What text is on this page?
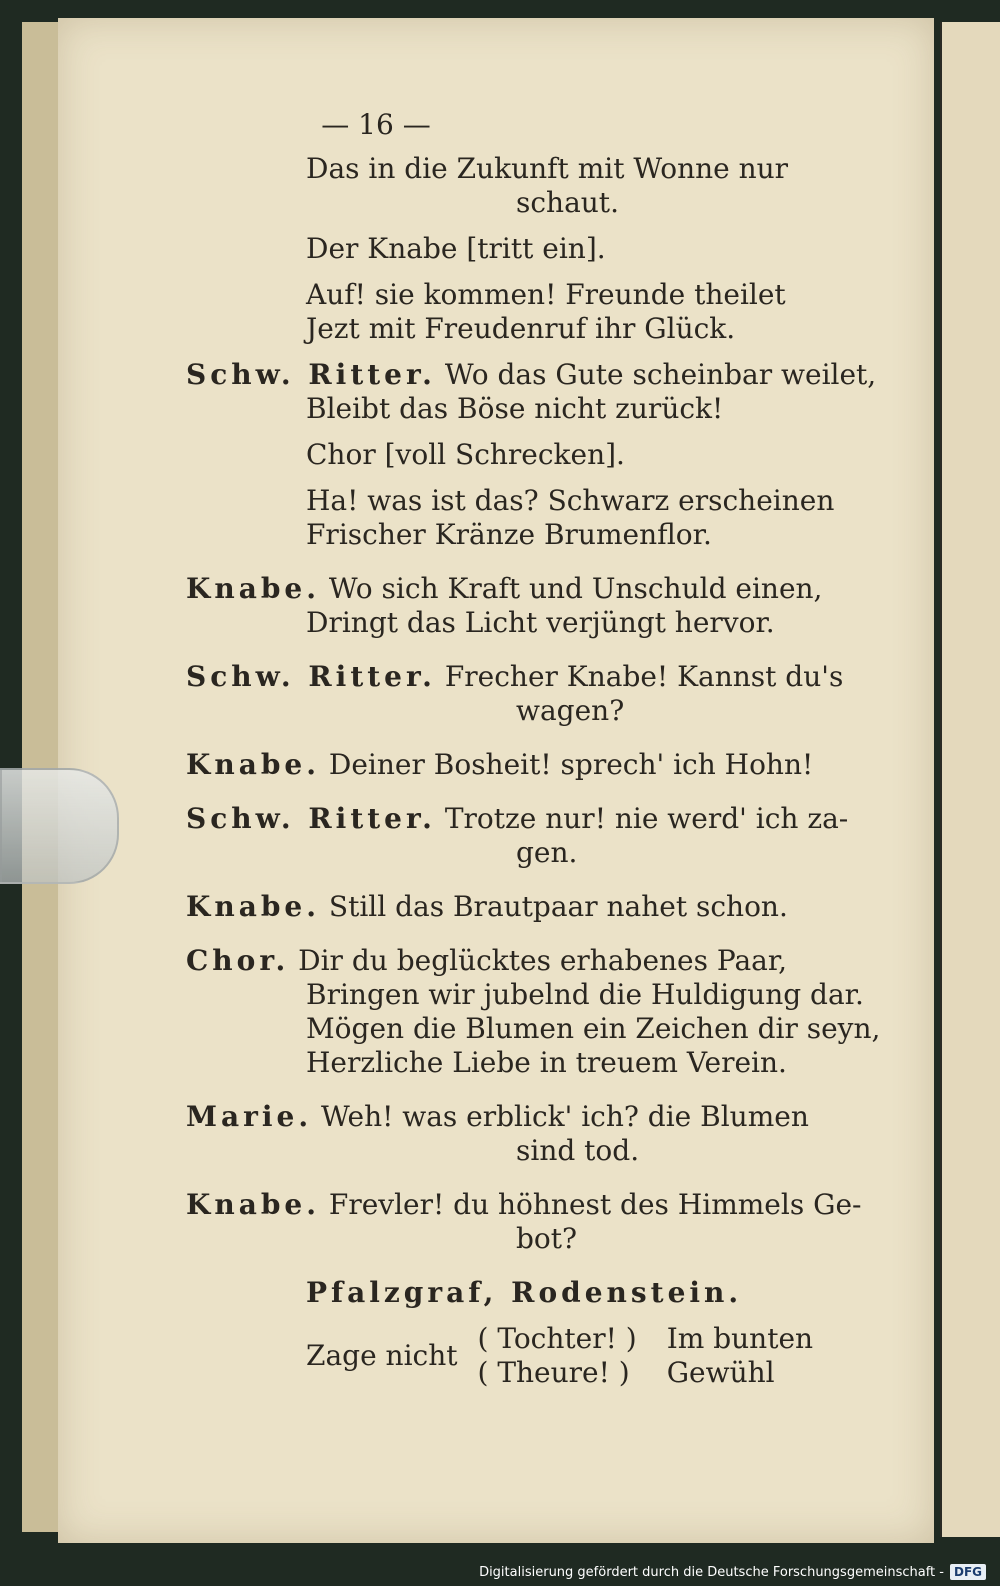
— 16 —
Das in die Zukunft mit Wonne nur
schaut.
Der Knabe [tritt ein].
Auf! sie kommen! Freunde theilet
Jezt mit Freudenruf ihr Glück.
Schw. Ritter. Wo das Gute scheinbar weilet,
Bleibt das Böse nicht zurück!
Chor [voll Schrecken].
Ha! was ist das? Schwarz erscheinen
Frischer Kränze Brumenflor.
Knabe. Wo sich Kraft und Unschuld einen,
Dringt das Licht verjüngt hervor.
Schw. Ritter. Frecher Knabe! Kannst du's
wagen?
Knabe. Deiner Bosheit! sprech' ich Hohn!
Schw. Ritter. Trotze nur! nie werd' ich za-
gen.
Knabe. Still das Brautpaar nahet schon.
Chor. Dir du beglücktes erhabenes Paar,
Bringen wir jubelnd die Huldigung dar.
Mögen die Blumen ein Zeichen dir seyn,
Herzliche Liebe in treuem Verein.
Marie. Weh! was erblick' ich? die Blumen
sind tod.
Knabe. Frevler! du höhnest des Himmels Ge-
bot?
Pfalzgraf, Rodenstein.
Zage nicht
( Tochter! )
( Theure! )
Im bunten
Gewühl
Digitalisierung gefördert durch die Deutsche Forschungsgemeinschaft - DFG
